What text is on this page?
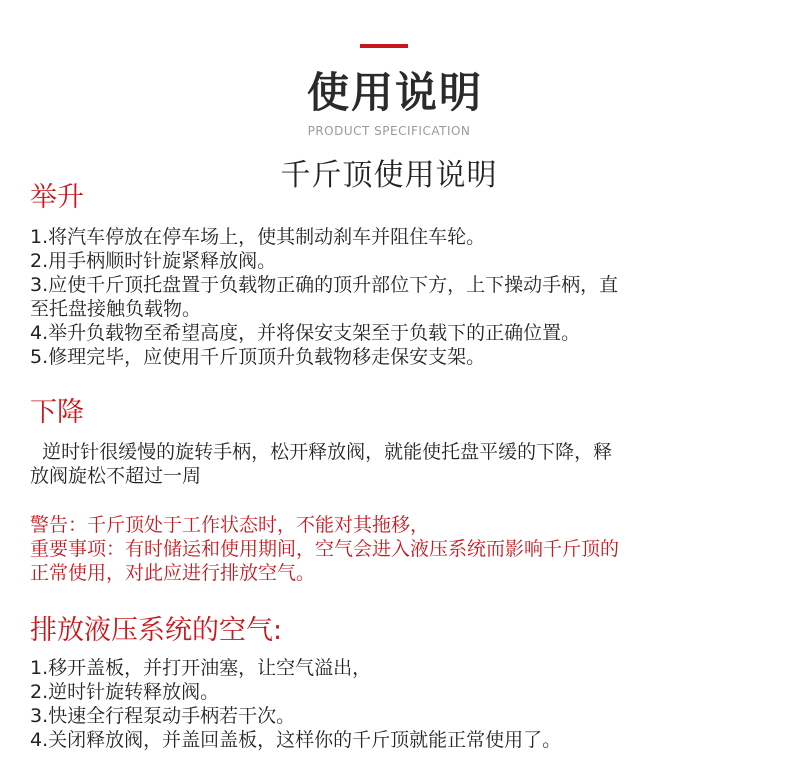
使用说明
PRODUCT SPECIFICATION
千斤顶使用说明
举升
1.将汽车停放在停车场上，使其制动刹车并阻住车轮。
2.用手柄顺时针旋紧释放阀。
3.应使千斤顶托盘置于负载物正确的顶升部位下方，上下操动手柄，直
至托盘接触负载物。
4.举升负载物至希望高度，并将保安支架至于负载下的正确位置。
5.修理完毕，应使用千斤顶顶升负载物移走保安支架。
下降
逆时针很缓慢的旋转手柄，松开释放阀，就能使托盘平缓的下降，释
放阀旋松不超过一周
警告：千斤顶处于工作状态时，不能对其拖移，
重要事项：有时储运和使用期间，空气会进入液压系统而影响千斤顶的
正常使用，对此应进行排放空气。
排放液压系统的空气:
1.移开盖板，并打开油塞，让空气溢出，
2.逆时针旋转释放阀。
3.快速全行程泵动手柄若干次。
4.关闭释放阀，并盖回盖板，这样你的千斤顶就能正常使用了。
